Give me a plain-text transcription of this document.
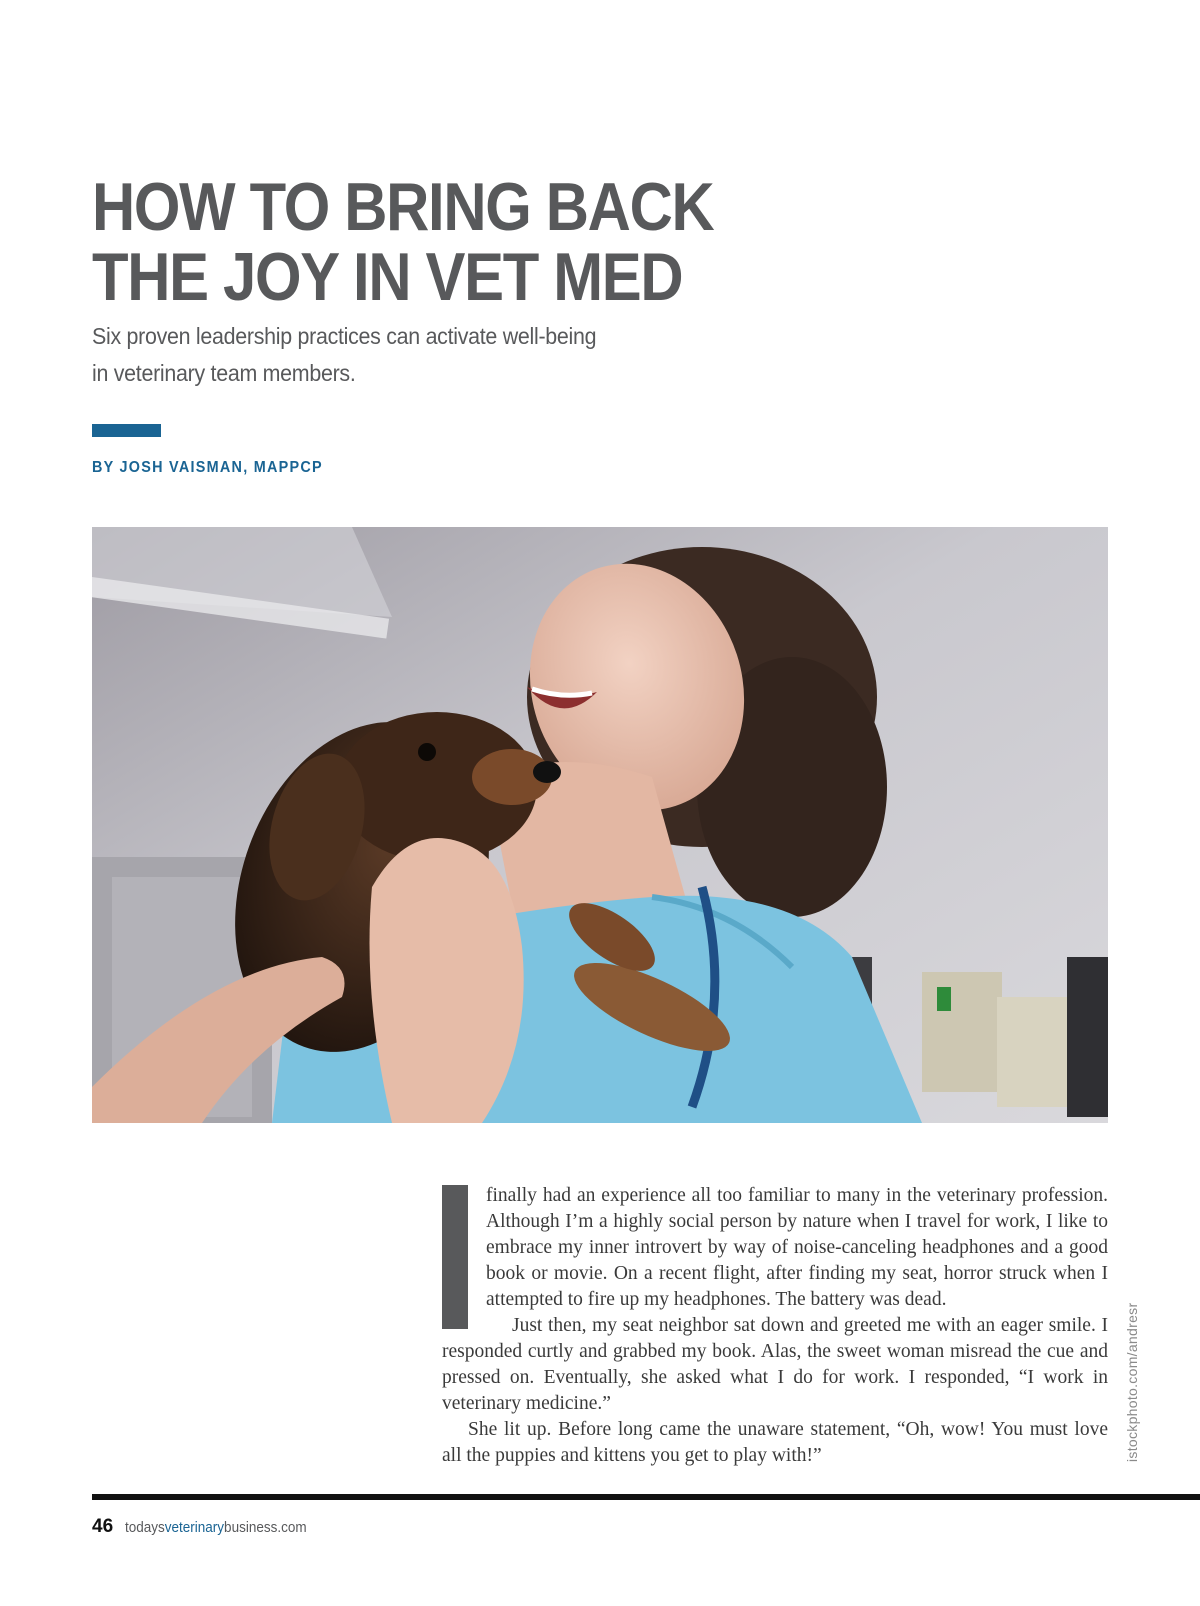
HOW TO BRING BACK
THE JOY IN VET MED
Six proven leadership practices can activate well-being
in veterinary team members.
BY JOSH VAISMAN, MAPPCP
istockphoto.com/andresr

finally had an experience all too familiar to many in the veterinary profession. Although I’m a highly social person by nature when I travel for work, I like to embrace my inner introvert by way of noise-canceling headphones and a good book or movie. On a recent flight, after finding my seat, horror struck when I attempted to fire up my headphones. The battery was dead.

Just then, my seat neighbor sat down and greeted me with an eager smile. I responded curtly and grabbed my book. Alas, the sweet woman misread the cue and pressed on. Eventually, she asked what I do for work. I responded, “I work in veterinary medicine.”

She lit up. Before long came the unaware statement, “Oh, wow! You must love all the puppies and kittens you get to play with!”

46 todaysveterinarybusiness.com
